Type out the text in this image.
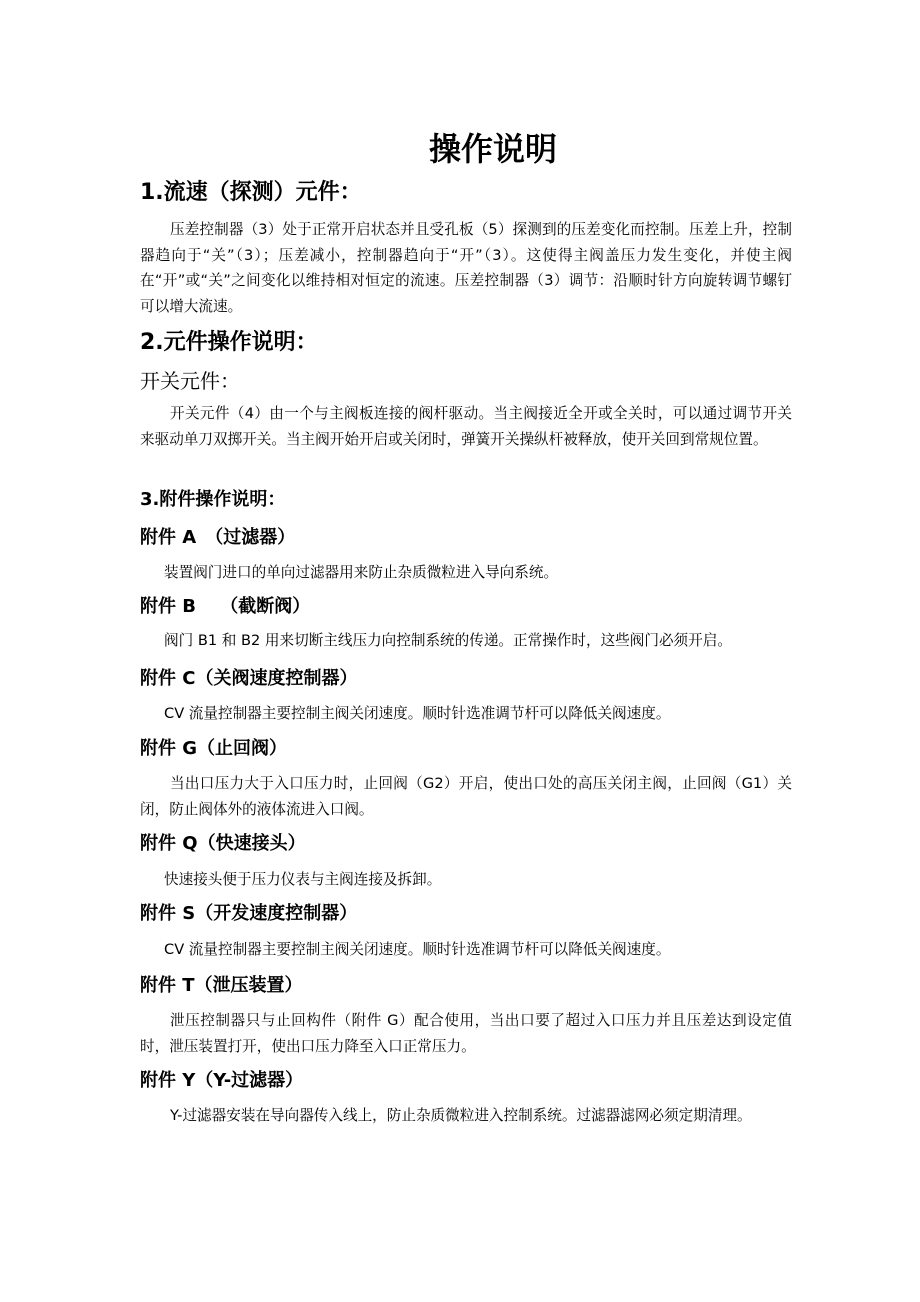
操作说明
1.流速（探测）元件：
压差控制器（3）处于正常开启状态并且受孔板（5）探测到的压差变化而控制。压差上升，控制器趋向于“关”（3）；压差减小，控制器趋向于“开”（3）。这使得主阀盖压力发生变化，并使主阀在“开”或“关”之间变化以维持相对恒定的流速。压差控制器（3）调节：沿顺时针方向旋转调节螺钉可以增大流速。
2.元件操作说明：
开关元件：
开关元件（4）由一个与主阀板连接的阀杆驱动。当主阀接近全开或全关时，可以通过调节开关来驱动单刀双掷开关。当主阀开始开启或关闭时，弹簧开关操纵杆被释放，使开关回到常规位置。
3.附件操作说明：
附件 A　（过滤器）
装置阀门进口的单向过滤器用来防止杂质微粒进入导向系统。
附件 B　 （截断阀）
阀门 B1 和 B2 用来切断主线压力向控制系统的传递。正常操作时，这些阀门必须开启。
附件 C（关阀速度控制器）
CV 流量控制器主要控制主阀关闭速度。顺时针选准调节杆可以降低关阀速度。
附件 G（止回阀）
当出口压力大于入口压力时，止回阀（G2）开启，使出口处的高压关闭主阀，止回阀（G1）关闭，防止阀体外的液体流进入口阀。
附件 Q（快速接头）
快速接头便于压力仪表与主阀连接及拆卸。
附件 S（开发速度控制器）
CV 流量控制器主要控制主阀关闭速度。顺时针选准调节杆可以降低关阀速度。
附件 T（泄压装置）
泄压控制器只与止回构件（附件 G）配合使用，当出口要了超过入口压力并且压差达到设定值时，泄压装置打开，使出口压力降至入口正常压力。
附件 Y（Y-过滤器）
Y-过滤器安装在导向器传入线上，防止杂质微粒进入控制系统。过滤器滤网必须定期清理。
